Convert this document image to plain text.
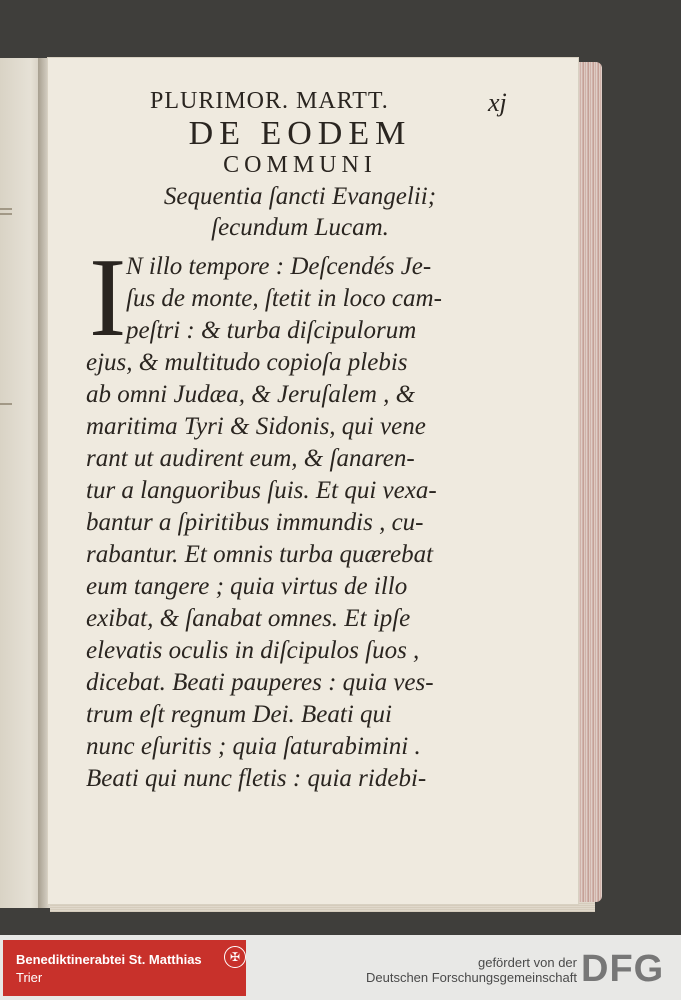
PLURIMOR. MARTT.	xj
DE EODEM
COMMUNI
Sequentia ſancti Evangelii;
ſecundum Lucam.
I N illo tempore : Deſcendés Je-
ſus de monte, ſtetit in loco cam-
peſtri : & turba diſcipulorum
ejus, & multitudo copioſa plebis
ab omni Judæa, & Jeruſalem , &
maritima Tyri & Sidonis, qui vene
rant ut audirent eum, & ſanaren-
tur a languoribus ſuis. Et qui vexa-
bantur a ſpiritibus immundis , cu-
rabantur. Et omnis turba quærebat
eum tangere ; quia virtus de illo
exibat, & ſanabat omnes. Et ipſe
elevatis oculis in diſcipulos ſuos ,
dicebat. Beati pauperes : quia ves-
trum eſt regnum Dei. Beati qui
nunc eſuritis ; quia ſaturabimini .
Beati qui nunc fletis : quia ridebi-
Benediktinerabtei St. Matthias
Trier
✠	gefördert von der
Deutschen Forschungsgemeinschaft DFG
